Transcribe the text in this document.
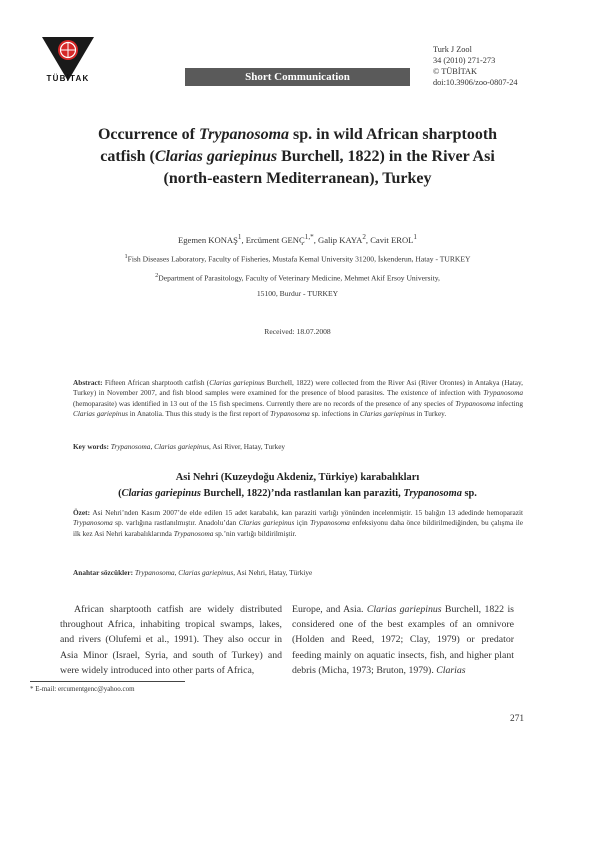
TÜBİTAK	Short Communication
Turk J Zool
34 (2010) 271-273
© TÜBİTAK
doi:10.3906/zoo-0807-24
Occurrence of Trypanosoma sp. in wild African sharptooth
catfish (Clarias gariepinus Burchell, 1822) in the River Asi
(north-eastern Mediterranean), Turkey
Egemen KONAŞ$^1$, Ercüment $GENÇ^{1,*}$, Galip KAYA$^2$, Cavit EROL$^1$
$^1$Fish Diseases Laboratory, Faculty of Fisheries, Mustafa Kemal University 31200, İskenderun, Hatay - TURKEY
$^2$Department of Parasitology, Faculty of Veterinary Medicine, Mehmet Akif Ersoy University,
15100, Burdur - TURKEY
Received: 18.07.2008
Abstract: Fifteen African sharptooth catfish (Clarias gariepinus Burchell, 1822) were collected from the River Asi (River Orontes) in Antakya (Hatay, Turkey) in November 2007, and fish blood samples were examined for the presence of blood parasites. The existence of infection with Trypanosoma (hemoparasite) was identified in 13 out of the 15 fish specimens. Currently there are no records of the presence of any species of Trypanosoma infecting Clarias gariepinus in Anatolia. Thus this study is the first report of Trypanosoma sp. infections in Clarias gariepinus in Turkey.
Key words: Trypanosoma, Clarias gariepinus, Asi River, Hatay, Turkey
Asi Nehri (Kuzeydoğu Akdeniz, Türkiye) karabalıkları
(Clarias gariepinus Burchell, 1822)’nda rastlanılan kan paraziti, Trypanosoma sp.
Özet: Asi Nehri’nden Kasım 2007’de elde edilen 15 adet karabalık, kan paraziti varlığı yönünden incelenmiştir. 15 balığın 13 adedinde hemoparazit Trypanosoma sp. varlığına rastlanılmıştır. Anadolu’dan Clarias gariepinus için Trypanosoma enfeksiyonu daha önce bildirilmediğinden, bu çalışma ile ilk kez Asi Nehri karabalıklarında Trypanosoma sp.’nin varlığı bildirilmiştir.
Anahtar sözcükler: Trypanosoma, Clarias gariepinus, Asi Nehri, Hatay, Türkiye
African sharptooth catfish are widely distributed throughout Africa, inhabiting tropical swamps, lakes, and rivers (Olufemi et al., 1991). They also occur in Asia Minor (Israel, Syria, and south of Turkey) and were widely introduced into other parts of Africa,
Europe, and Asia. Clarias gariepinus Burchell, 1822 is considered one of the best examples of an omnivore (Holden and Reed, 1972; Clay, 1979) or predator feeding mainly on aquatic insects, fish, and higher plant debris (Micha, 1973; Bruton, 1979). Clarias
* E-mail: ercumentgenc@yahoo.com
271
